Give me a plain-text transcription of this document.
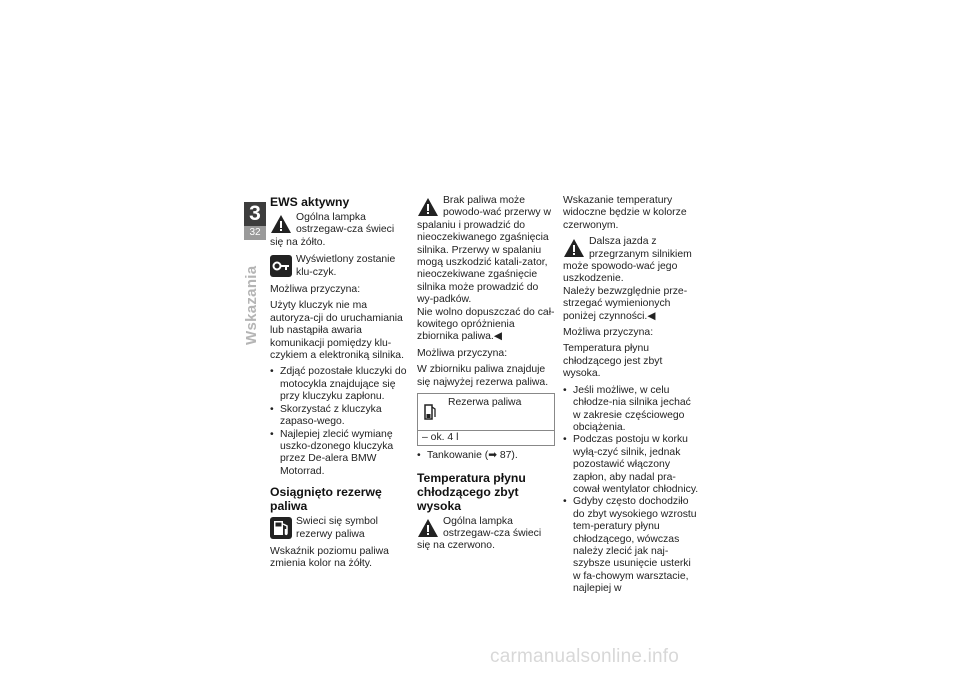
3
32
Wskazania
EWS aktywny
Ogólna lampka ostrzegaw-cza świeci się na żółto.
Wyświetlony zostanie klu-czyk.

Możliwa przyczyna:

Użyty kluczyk nie ma autoryza-cji do uruchamiania lub nastąpiła awaria komunikacji pomiędzy klu-czykiem a elektroniką silnika.

• Zdjąć pozostałe kluczyki do motocykla znajdujące się przy kluczyku zapłonu.
• Skorzystać z kluczyka zapaso-wego.
• Najlepiej zlecić wymianę uszko-dzonego kluczyka przez De-alera BMW Motorrad.
Osiągnięto rezerwę paliwa
Świeci się symbol rezerwy paliwa

Wskaźnik poziomu paliwa zmienia kolor na żółty.

Brak paliwa może powodo-wać przerwy w spalaniu i prowadzić do nieoczekiwanego zgaśnięcia silnika. Przerwy w spalaniu mogą uszkodzić katali-zator, nieoczekiwane zgaśnięcie silnika może prowadzić do wy-padków.

Nie wolno dopuszczać do cał-kowitego opróżnienia zbiornika paliwa.◀

Możliwa przyczyna:

W zbiorniku paliwa znajduje się najwyżej rezerwa paliwa.

Rezerwa paliwa
– ok. 4 l
• Tankowanie (➡ 87).
Temperatura płynu chłodzącego zbyt wysoka
Ogólna lampka ostrzegaw-cza świeci się na czerwono.

Wskazanie temperatury widoczne będzie w kolorze czerwonym.

Dalsza jazda z przegrzanym silnikiem może spowodo-wać jego uszkodzenie.

Należy bezwzględnie prze-strzegać wymienionych poniżej czynności.◀

Możliwa przyczyna:

Temperatura płynu chłodzącego jest zbyt wysoka.

• Jeśli możliwe, w celu chłodze-nia silnika jechać w zakresie częściowego obciążenia.
• Podczas postoju w korku wyłą-czyć silnik, jednak pozostawić włączony zapłon, aby nadal pra-cował wentylator chłodnicy.
• Gdyby często dochodziło do zbyt wysokiego wzrostu tem-peratury płynu chłodzącego, wówczas należy zlecić jak naj-szybsze usunięcie usterki w fa-chowym warsztacie, najlepiej w
carmanualsonline.info
